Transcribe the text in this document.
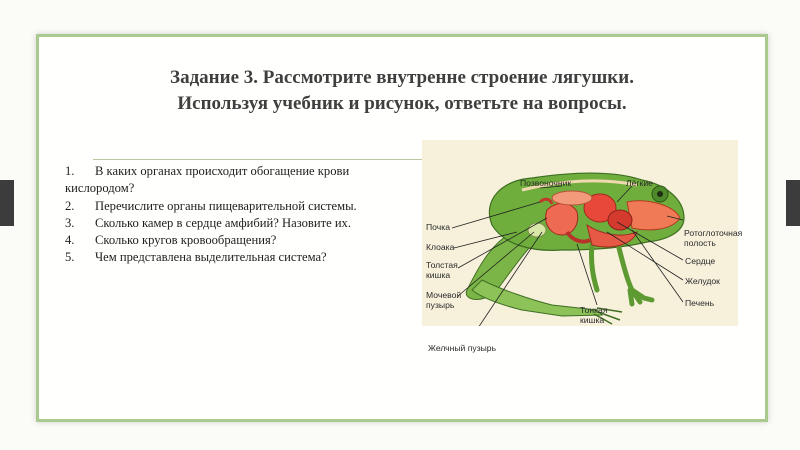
Задание 3. Рассмотрите внутренне строение лягушки.
Используя учебник и рисунок, ответьте на вопросы.
1. В каких органах происходит обогащение крови кислородом?
2. Перечислите органы пищеварительной системы.
3. Сколько камер в сердце амфибий? Назовите их.
4. Сколько кругов кровообращения?
5. Чем представлена выделительная система?
Позвоночник	Лёгкие
Почка
Клоака
Толстая кишка
Мочевой пузырь
Желчный пузырь
Ротоглоточная полость
Сердце
Желудок
Печень
Тонкая кишка
